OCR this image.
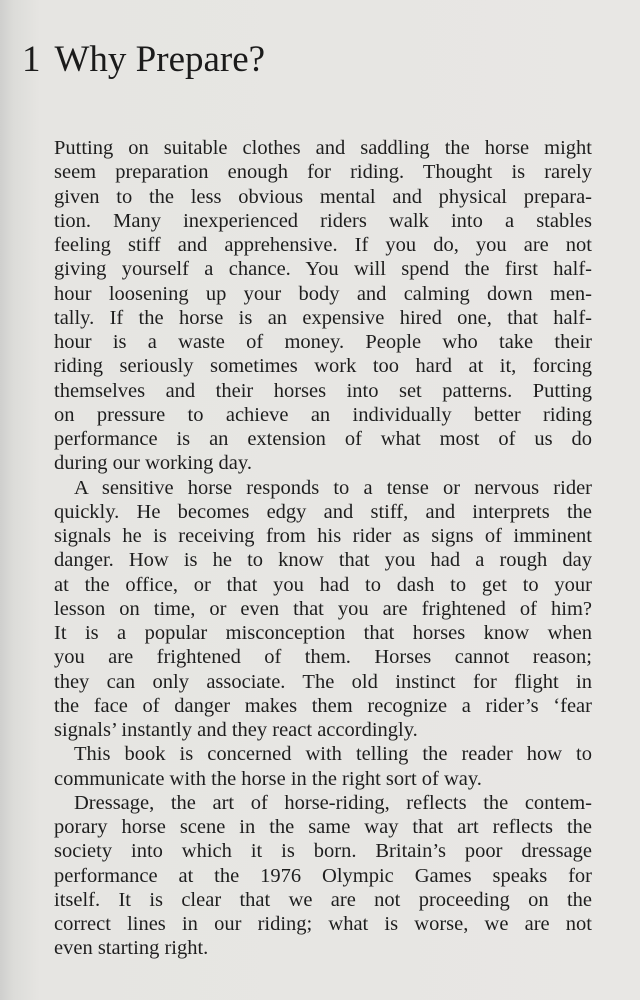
1 Why Prepare?
Putting on suitable clothes and saddling the horse might
seem preparation enough for riding. Thought is rarely
given to the less obvious mental and physical prepara-
tion. Many inexperienced riders walk into a stables
feeling stiff and apprehensive. If you do, you are not
giving yourself a chance. You will spend the first half-
hour loosening up your body and calming down men-
tally. If the horse is an expensive hired one, that half-
hour is a waste of money. People who take their
riding seriously sometimes work too hard at it, forcing
themselves and their horses into set patterns. Putting
on pressure to achieve an individually better riding
performance is an extension of what most of us do
during our working day.
A sensitive horse responds to a tense or nervous rider
quickly. He becomes edgy and stiff, and interprets the
signals he is receiving from his rider as signs of imminent
danger. How is he to know that you had a rough day
at the office, or that you had to dash to get to your
lesson on time, or even that you are frightened of him?
It is a popular misconception that horses know when
you are frightened of them. Horses cannot reason;
they can only associate. The old instinct for flight in
the face of danger makes them recognize a rider’s ‘fear
signals’ instantly and they react accordingly.
This book is concerned with telling the reader how to
communicate with the horse in the right sort of way.
Dressage, the art of horse-riding, reflects the contem-
porary horse scene in the same way that art reflects the
society into which it is born. Britain’s poor dressage
performance at the 1976 Olympic Games speaks for
itself. It is clear that we are not proceeding on the
correct lines in our riding; what is worse, we are not
even starting right.
